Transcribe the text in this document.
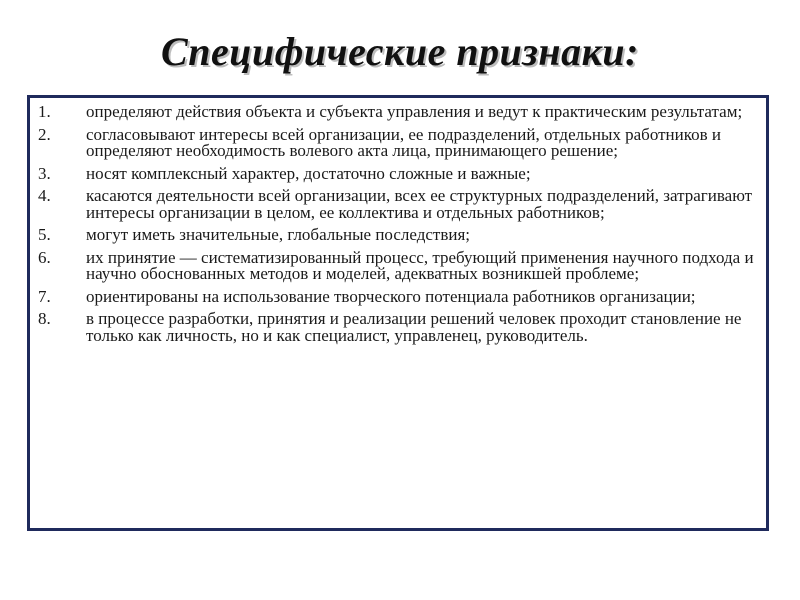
Специфические признаки:
1.	определяют действия объекта и субъекта управления и ведут к практическим результатам;
2.	согласовывают интересы всей организации, ее подразделений, отдельных работников и определяют необходимость волевого акта лица, принимающего решение;
3.	носят комплексный характер, достаточно сложные и важные;
4.	касаются деятельности всей организации, всех ее структурных подразделений, затрагивают интересы организации в целом, ее коллектива и отдельных работников;
5.	могут иметь значительные, глобальные последствия;
6.	их принятие — систематизированный процесс, требующий применения научного подхода и научно обоснованных методов и моделей, адекватных возникшей проблеме;
7.	ориентированы на использование творческого потенциала работников организации;
8.	в процессе разработки, принятия и реализации решений человек проходит становление не только как личность, но и как специалист, управленец, руководитель.
